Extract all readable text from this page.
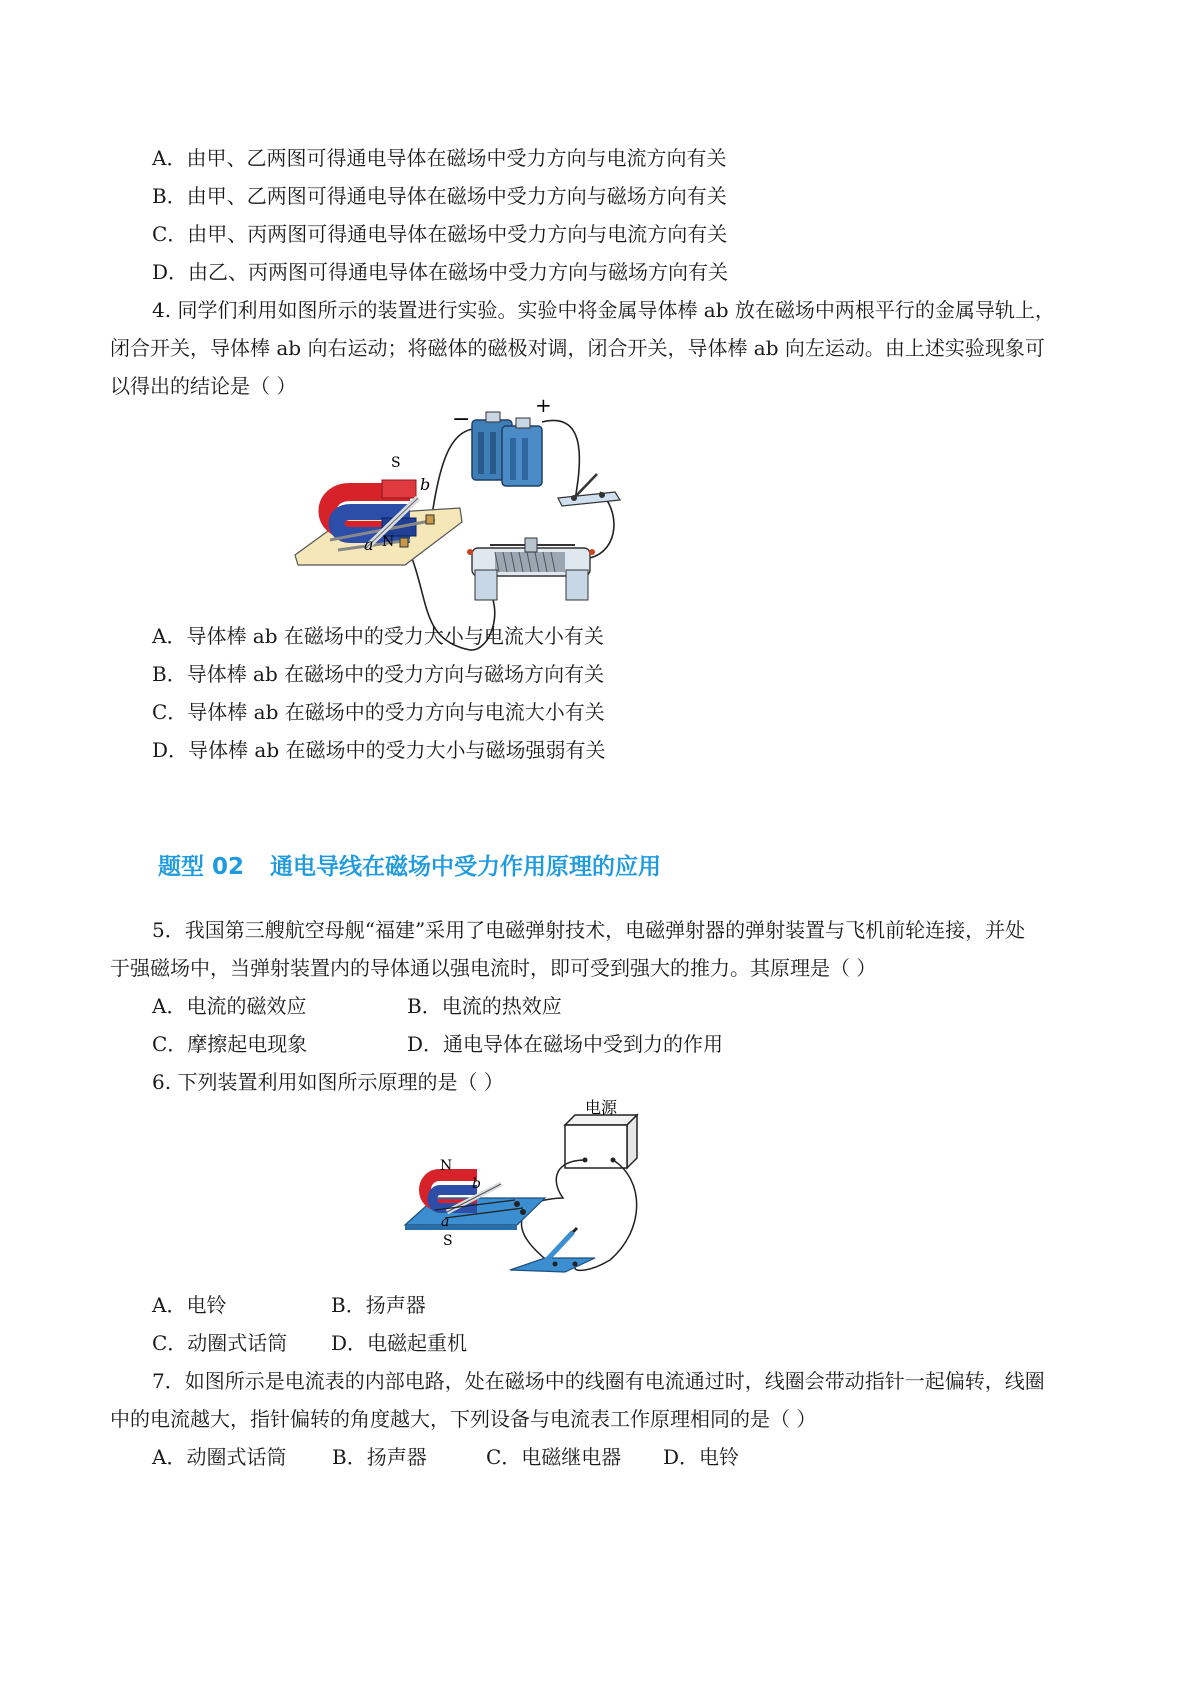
A．由甲、乙两图可得通电导体在磁场中受力方向与电流方向有关
B．由甲、乙两图可得通电导体在磁场中受力方向与磁场方向有关
C．由甲、丙两图可得通电导体在磁场中受力方向与电流方向有关
D．由乙、丙两图可得通电导体在磁场中受力方向与磁场方向有关
4. 同学们利用如图所示的装置进行实验。实验中将金属导体棒 ab 放在磁场中两根平行的金属导轨上，
闭合开关，导体棒 ab 向右运动；将磁体的磁极对调，闭合开关，导体棒 ab 向左运动。由上述实验现象可
以得出的结论是（ ）
−
+
S
b
a N
A．导体棒 ab 在磁场中的受力大小与电流大小有关
B．导体棒 ab 在磁场中的受力方向与磁场方向有关
C．导体棒 ab 在磁场中的受力方向与电流大小有关
D．导体棒 ab 在磁场中的受力大小与磁场强弱有关
题型 02 通电导线在磁场中受力作用原理的应用
5．我国第三艘航空母舰“福建”采用了电磁弹射技术，电磁弹射器的弹射装置与飞机前轮连接，并处
于强磁场中，当弹射装置内的导体通以强电流时，即可受到强大的推力。其原理是（ ）
A．电流的磁效应	B．电流的热效应
C．摩擦起电现象	D．通电导体在磁场中受到力的作用
6. 下列装置利用如图所示原理的是（ ）
电源
N
b
a
S
A．电铃	B．扬声器
C．动圈式话筒 D．电磁起重机
7．如图所示是电流表的内部电路，处在磁场中的线圈有电流通过时，线圈会带动指针一起偏转，线圈
中的电流越大，指针偏转的角度越大，下列设备与电流表工作原理相同的是（ ）
A．动圈式话筒 B．扬声器	C．电磁继电器 D．电铃
